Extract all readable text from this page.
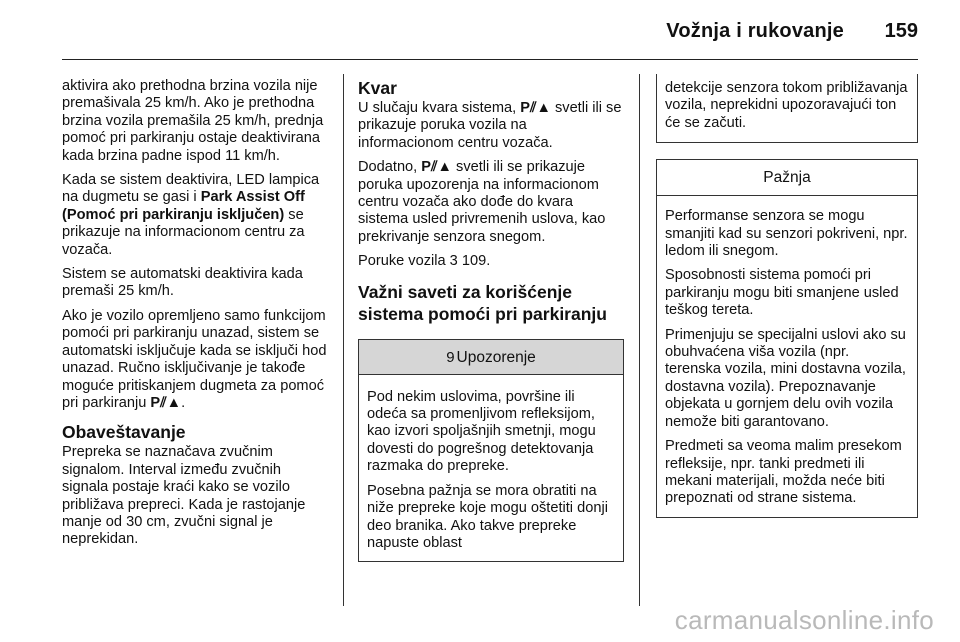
Vožnja i rukovanje 159

aktivira ako prethodna brzina vozila nije premašivala 25 km/h. Ako je prethodna brzina vozila premašila 25 km/h, prednja pomoć pri parkiranju ostaje deaktivirana kada brzina padne ispod 11 km/h.

Kada se sistem deaktivira, LED lampica na dugmetu se gasi i Park Assist Off (Pomoć pri parkiranju isključen) se prikazuje na informacionom centru za vozača.

Sistem se automatski deaktivira kada premaši 25 km/h.

Ako je vozilo opremljeno samo funkcijom pomoći pri parkiranju unazad, sistem se automatski isključuje kada se isključi hod unazad. Ručno isključivanje je takođe moguće pritiskanjem dugmeta za pomoć pri parkiranju P⫽▲.

Obaveštavanje

Prepreka se naznačava zvučnim signalom. Interval između zvučnih signala postaje kraći kako se vozilo približava prepreci. Kada je rastojanje manje od 30 cm, zvučni signal je neprekidan.

Kvar

U slučaju kvara sistema, P⫽▲ svetli ili se prikazuje poruka vozila na informacionom centru vozača.

Dodatno, P⫽▲ svetli ili se prikazuje poruka upozorenja na informacionom centru vozača ako dođe do kvara sistema usled privremenih uslova, kao prekrivanje senzora snegom.

Poruke vozila 3 109.

Važni saveti za korišćenje sistema pomoći pri parkiranju
9 Upozorenje

Pod nekim uslovima, površine ili odeća sa promenljivom refleksijom, kao izvori spoljašnjih smetnji, mogu dovesti do pogrešnog detektovanja razmaka do prepreke.

Posebna pažnja se mora obratiti na niže prepreke koje mogu oštetiti donji deo branika. Ako takve prepreke napuste oblast

detekcije senzora tokom približavanja vozila, neprekidni upozoravajući ton će se začuti.

Pažnja

Performanse senzora se mogu smanjiti kad su senzori pokriveni, npr. ledom ili snegom.

Sposobnosti sistema pomoći pri parkiranju mogu biti smanjene usled teškog tereta.

Primenjuju se specijalni uslovi ako su obuhvaćena viša vozila (npr. terenska vozila, mini dostavna vozila, dostavna vozila). Prepoznavanje objekata u gornjem delu ovih vozila nemože biti garantovano.

Predmeti sa veoma malim presekom refleksije, npr. tanki predmeti ili mekani materijali, možda neće biti prepoznati od strane sistema.

carmanualsonline.info
